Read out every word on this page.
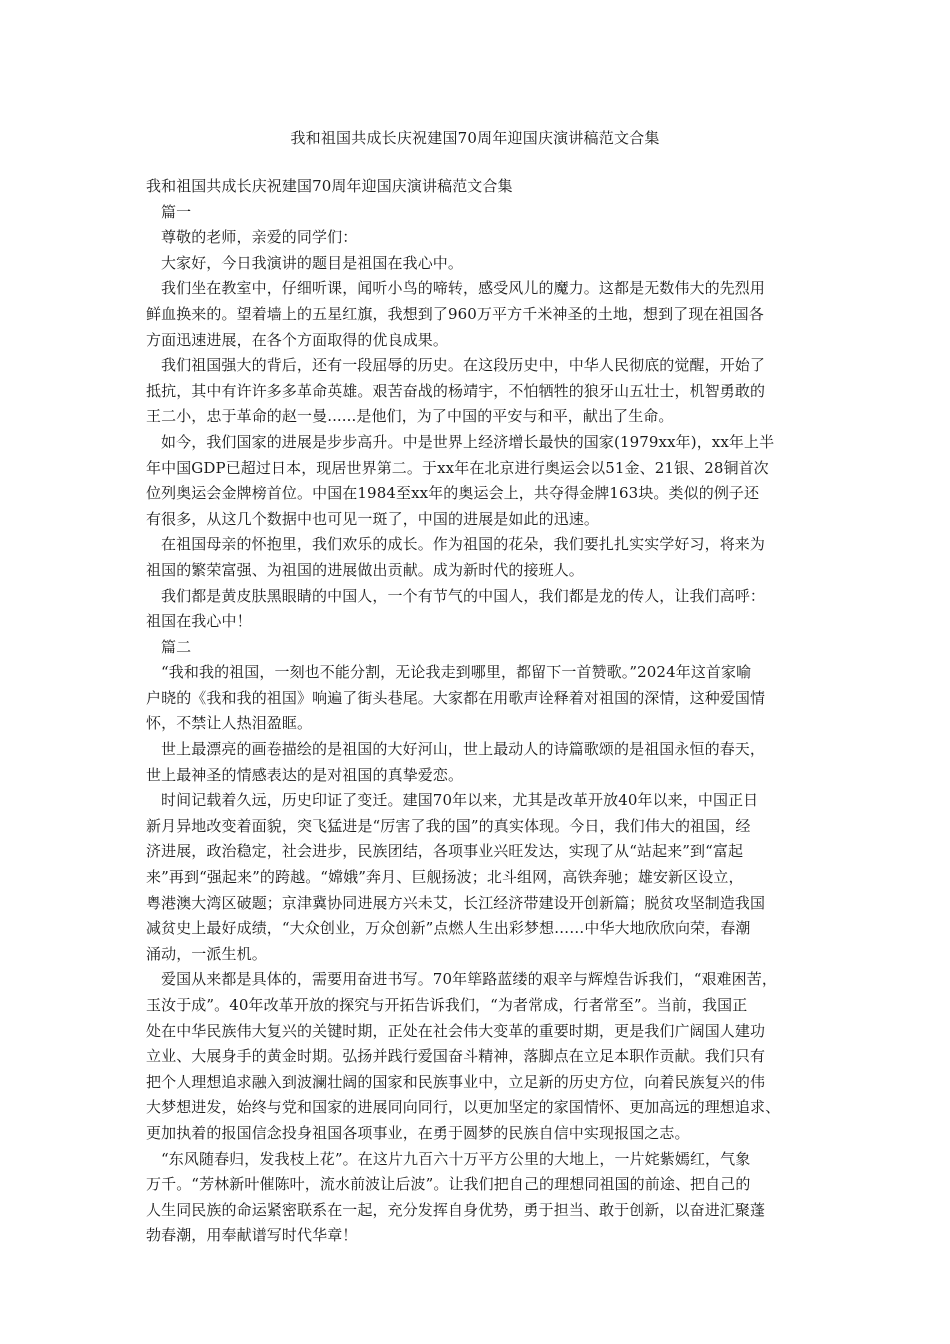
我和祖国共成长庆祝建国70周年迎国庆演讲稿范文合集

我和祖国共成长庆祝建国70周年迎国庆演讲稿范文合集

篇一

尊敬的老师，亲爱的同学们：

大家好，今日我演讲的题目是祖国在我心中。

我们坐在教室中，仔细听课，闻听小鸟的啼转，感受风儿的魔力。这都是无数伟大的先烈用

鲜血换来的。望着墙上的五星红旗，我想到了960万平方千米神圣的土地，想到了现在祖国各

方面迅速进展，在各个方面取得的优良成果。

我们祖国强大的背后，还有一段屈辱的历史。在这段历史中，中华人民彻底的觉醒，开始了

抵抗，其中有许许多多革命英雄。艰苦奋战的杨靖宇，不怕牺牲的狼牙山五壮士，机智勇敢的

王二小，忠于革命的赵一曼......是他们，为了中国的平安与和平，献出了生命。

如今，我们国家的进展是步步高升。中是世界上经济增长最快的国家(1979xx年)，xx年上半

年中国GDP已超过日本，现居世界第二。于xx年在北京进行奥运会以51金、21银、28铜首次

位列奥运会金牌榜首位。中国在1984至xx年的奥运会上，共夺得金牌163块。类似的例子还

有很多，从这几个数据中也可见一斑了，中国的进展是如此的迅速。

在祖国母亲的怀抱里，我们欢乐的成长。作为祖国的花朵，我们要扎扎实实学好习，将来为

祖国的繁荣富强、为祖国的进展做出贡献。成为新时代的接班人。

我们都是黄皮肤黑眼睛的中国人，一个有节气的中国人，我们都是龙的传人，让我们高呼：

祖国在我心中！

篇二

“我和我的祖国，一刻也不能分割，无论我走到哪里，都留下一首赞歌。”2024年这首家喻

户晓的《我和我的祖国》响遍了街头巷尾。大家都在用歌声诠释着对祖国的深情，这种爱国情

怀，不禁让人热泪盈眶。

世上最漂亮的画卷描绘的是祖国的大好河山，世上最动人的诗篇歌颂的是祖国永恒的春天，

世上最神圣的情感表达的是对祖国的真挚爱恋。

时间记载着久远，历史印证了变迁。建国70年以来，尤其是改革开放40年以来，中国正日

新月异地改变着面貌，突飞猛进是“厉害了我的国”的真实体现。今日，我们伟大的祖国，经

济进展，政治稳定，社会进步，民族团结，各项事业兴旺发达，实现了从“站起来”到“富起

来”再到“强起来”的跨越。“嫦娥”奔月、巨舰扬波；北斗组网，高铁奔驰；雄安新区设立，

粤港澳大湾区破题；京津冀协同进展方兴未艾，长江经济带建设开创新篇；脱贫攻坚制造我国

减贫史上最好成绩，“大众创业，万众创新”点燃人生出彩梦想……中华大地欣欣向荣，春潮

涌动，一派生机。

爱国从来都是具体的，需要用奋进书写。70年筚路蓝缕的艰辛与辉煌告诉我们，“艰难困苦，

玉汝于成”。40年改革开放的探究与开拓告诉我们，“为者常成，行者常至”。当前，我国正

处在中华民族伟大复兴的关键时期，正处在社会伟大变革的重要时期，更是我们广阔国人建功

立业、大展身手的黄金时期。弘扬并践行爱国奋斗精神，落脚点在立足本职作贡献。我们只有

把个人理想追求融入到波澜壮阔的国家和民族事业中，立足新的历史方位，向着民族复兴的伟

大梦想进发，始终与党和国家的进展同向同行，以更加坚定的家国情怀、更加高远的理想追求、

更加执着的报国信念投身祖国各项事业，在勇于圆梦的民族自信中实现报国之志。

“东风随春归，发我枝上花”。在这片九百六十万平方公里的大地上，一片姹紫嫣红，气象

万千。“芳林新叶催陈叶，流水前波让后波”。让我们把自己的理想同祖国的前途、把自己的

人生同民族的命运紧密联系在一起，充分发挥自身优势，勇于担当、敢于创新，以奋进汇聚蓬

勃春潮，用奉献谱写时代华章！
